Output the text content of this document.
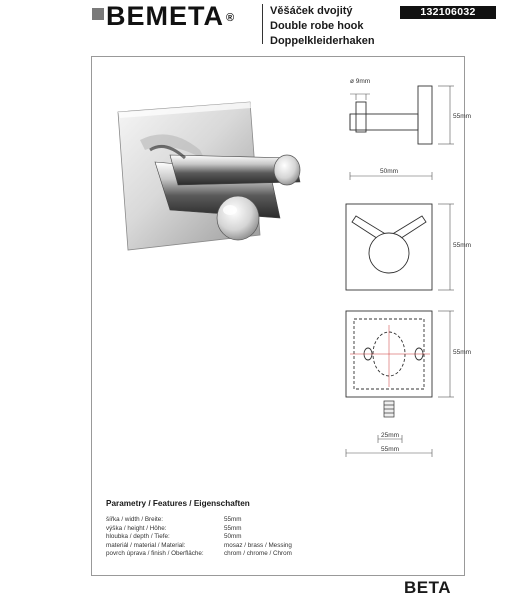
BEMETA ®
Věšáček dvojitý
Double robe hook
Doppelkleiderhaken
132106032
ø 9mm
55mm
50mm
55mm
55mm
25mm
55mm
Parametry / Features / Eigenschaften
šířka / width / Breite:	55mm
výška / height / Höhe:	55mm
hloubka / depth / Tiefe:	50mm
materiál / material / Material:	mosaz / brass / Messing
povrch úprava / finish / Oberfläche:	chrom / chrome / Chrom
BETA
